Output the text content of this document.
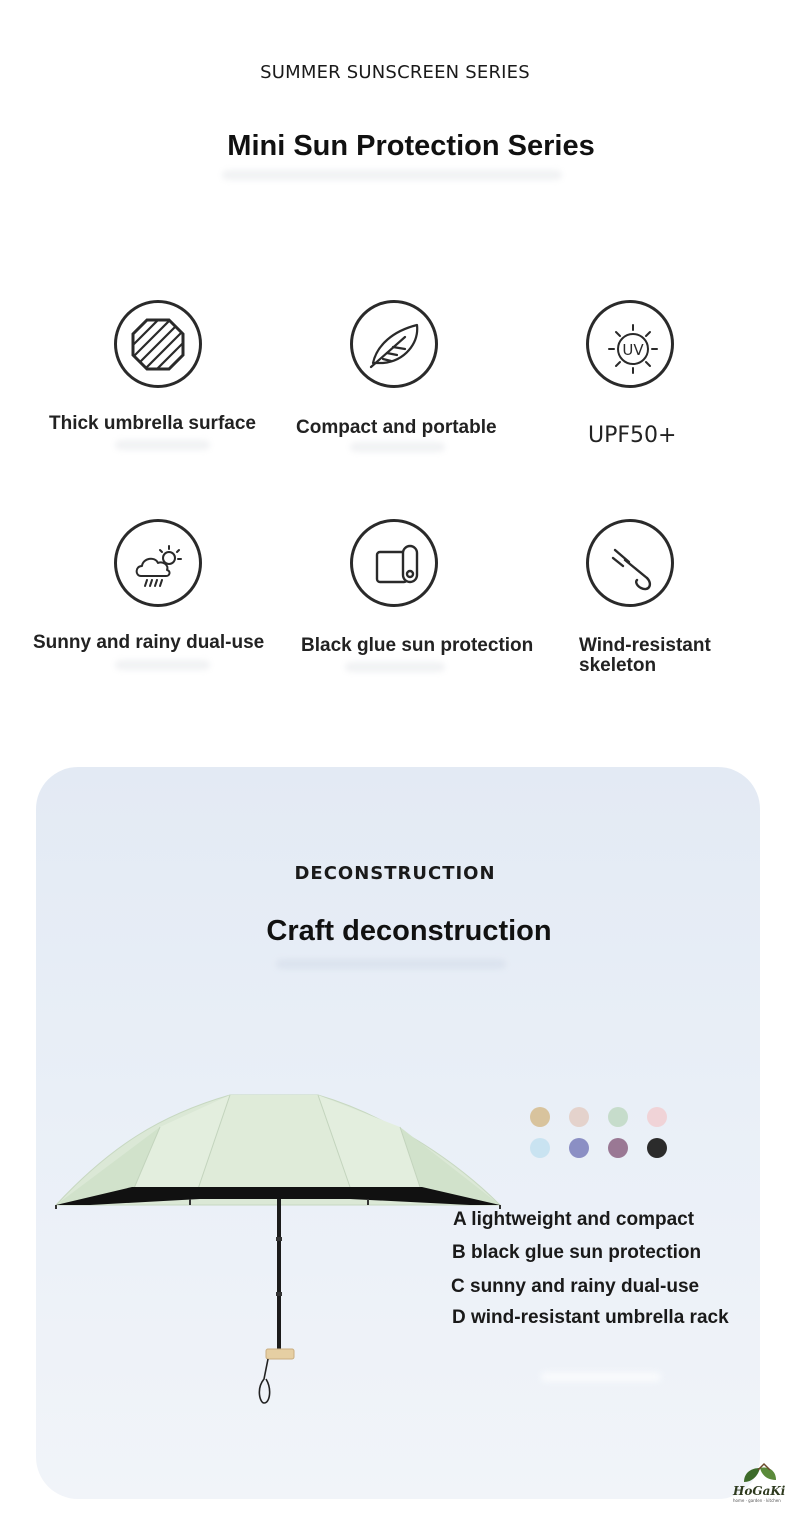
SUMMER SUNSCREEN SERIES
Mini Sun Protection Series
UV
Thick umbrella surface Compact and portable	UPF50+
Sunny and rainy dual-use Black glue sun protection Wind-resistant skeleton
DECONSTRUCTION
Craft deconstruction
A lightweight and compact
B black glue sun protection
C sunny and rainy dual-use
D wind-resistant umbrella rack
HoGaKi
home · garden · kitchen
